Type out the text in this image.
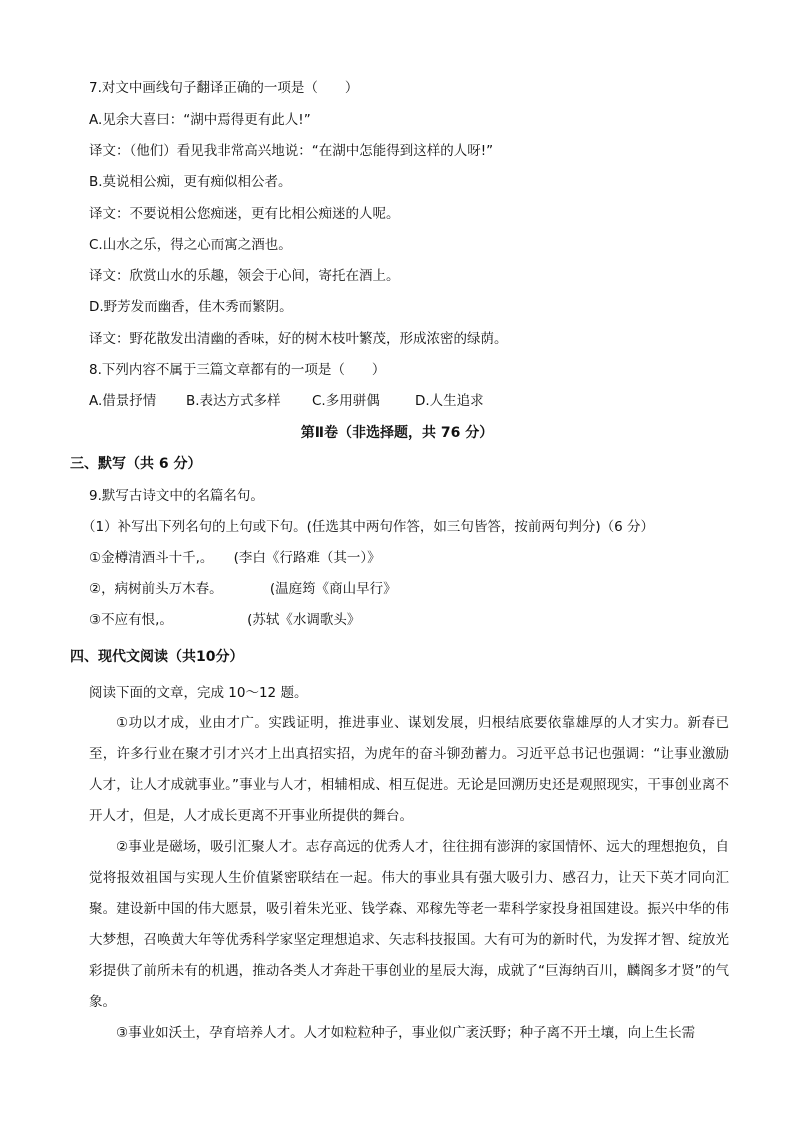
7.对文中画线句子翻译正确的一项是（　　）
A.见余大喜曰：“湖中焉得更有此人!”
译文：（他们）看见我非常高兴地说：“在湖中怎能得到这样的人呀!”
B.莫说相公痴，更有痴似相公者。
译文：不要说相公您痴迷，更有比相公痴迷的人呢。
C.山水之乐，得之心而寓之酒也。
译文：欣赏山水的乐趣，领会于心间，寄托在酒上。
D.野芳发而幽香，佳木秀而繁阴。
译文：野花散发出清幽的香味，好的树木枝叶繁茂，形成浓密的绿荫。
8.下列内容不属于三篇文章都有的一项是（　　）
A.借景抒情 B.表达方式多样 C.多用骈偶	D.人生追求
第Ⅱ卷（非选择题，共 76 分）
三、默写（共 6 分）
9.默写古诗文中的名篇名句。
（1）补写出下列名句的上句或下句。(任选其中两句作答，如三句皆答，按前两句判分)（6 分）
①金樽清酒斗十千,。　　(李白《行路难（其一）》
②，病树前头万木春。　　　　(温庭筠《商山早行》
③不应有恨,。　　　　　　(苏轼《水调歌头》
四、现代文阅读（共10分）
阅读下面的文章，完成 10～12 题。
①功以才成，业由才广。实践证明，推进事业、谋划发展，归根结底要依靠雄厚的人才实力。新春已至，许多行业在聚才引才兴才上出真招实招，为虎年的奋斗铆劲蓄力。习近平总书记也强调：“让事业激励人才，让人才成就事业。”事业与人才，相辅相成、相互促进。无论是回溯历史还是观照现实，干事创业离不开人才，但是，人才成长更离不开事业所提供的舞台。
②事业是磁场，吸引汇聚人才。志存高远的优秀人才，往往拥有澎湃的家国情怀、远大的理想抱负，自觉将报效祖国与实现人生价值紧密联结在一起。伟大的事业具有强大吸引力、感召力，让天下英才同向汇聚。建设新中国的伟大愿景，吸引着朱光亚、钱学森、邓稼先等老一辈科学家投身祖国建设。振兴中华的伟大梦想，召唤黄大年等优秀科学家坚定理想追求、矢志科技报国。大有可为的新时代，为发挥才智、绽放光彩提供了前所未有的机遇，推动各类人才奔赴干事创业的星辰大海，成就了“巨海纳百川，麟阁多才贤”的气象。
③事业如沃土，孕育培养人才。人才如粒粒种子，事业似广袤沃野；种子离不开土壤，向上生长需
